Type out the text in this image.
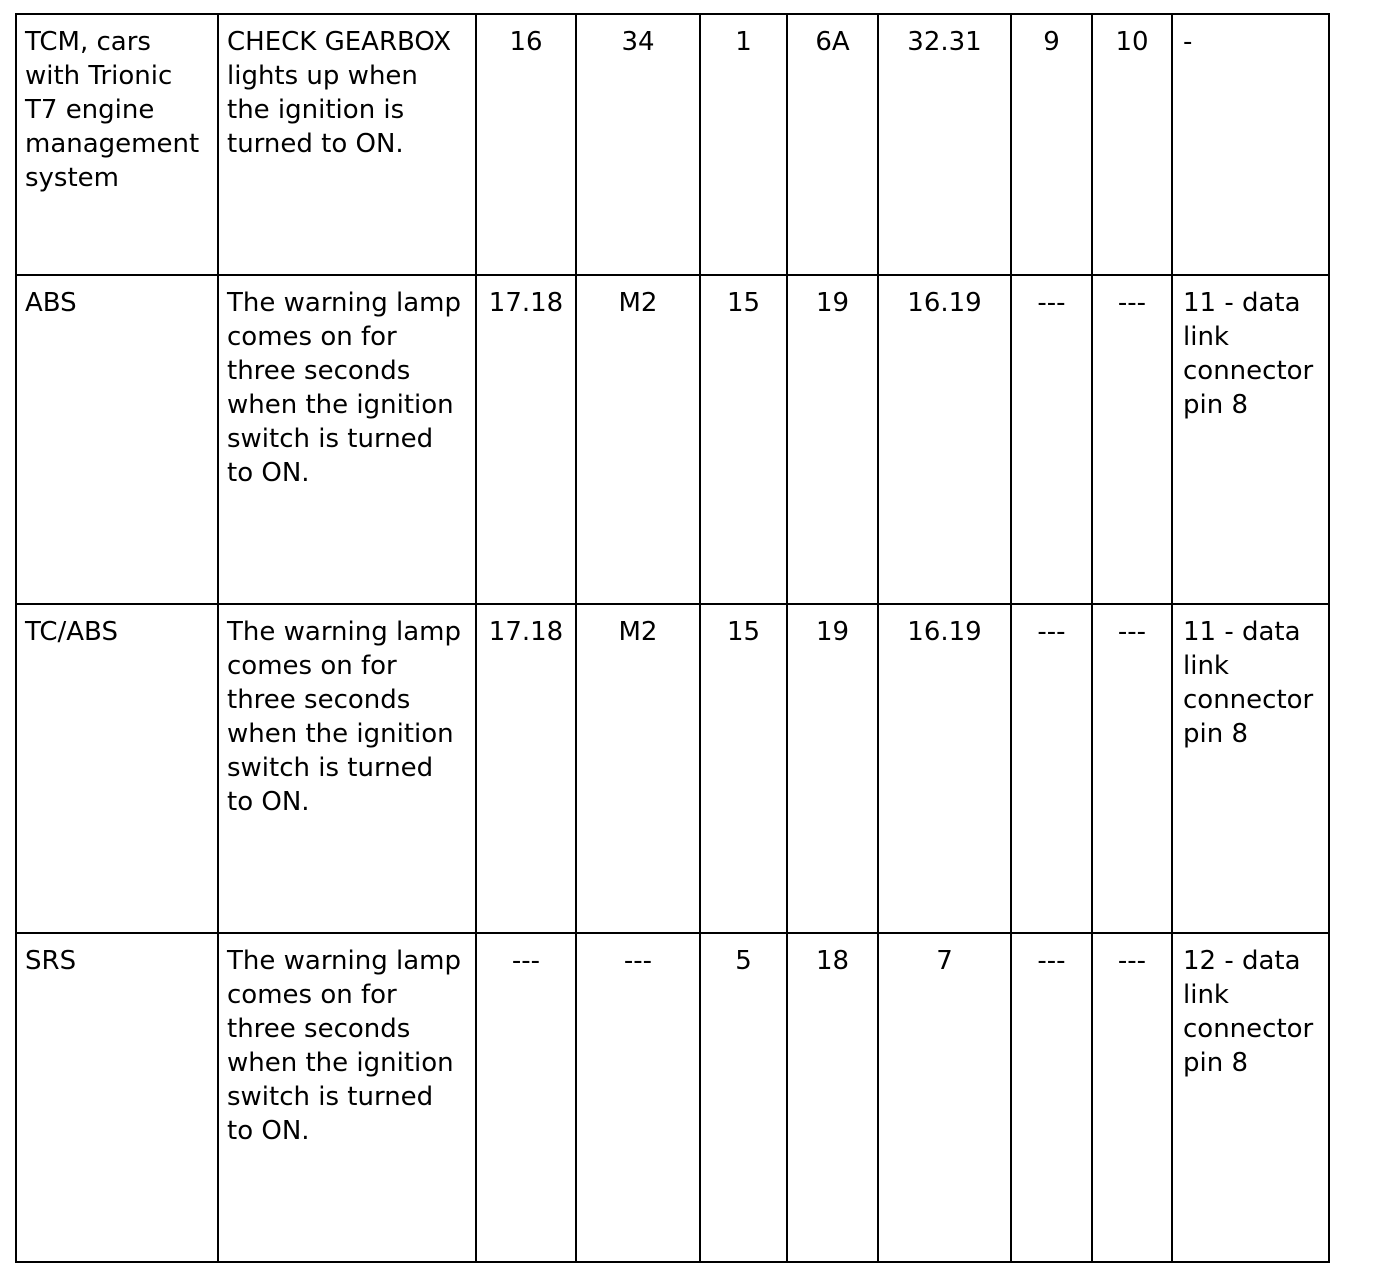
TCM, cars with Trionic T7 engine management system	CHECK GEARBOX lights up when the ignition is turned to ON.	16	34	1	6A	32.31	9	10	-
ABS	The warning lamp comes on for three seconds when the ignition switch is turned to ON.	17.18	M2	15	19	16.19	---	---	11 - data link connector pin 8
TC/ABS	The warning lamp comes on for three seconds when the ignition switch is turned to ON.	17.18	M2	15	19	16.19	---	---	11 - data link connector pin 8
SRS	The warning lamp comes on for three seconds when the ignition switch is turned to ON.	---	---	5	18	7	---	---	12 - data link connector pin 8
